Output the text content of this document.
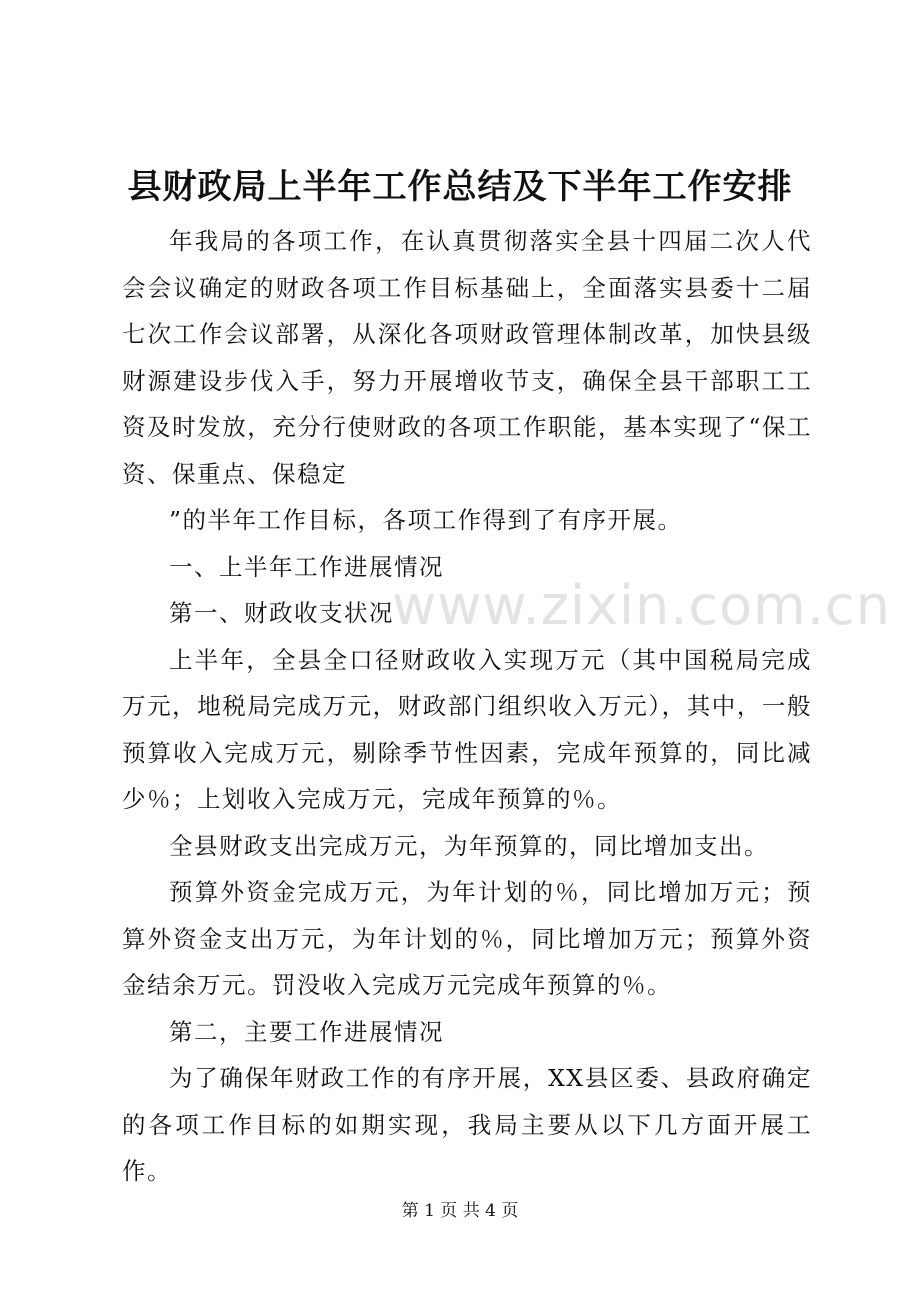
www.zixin.com.cn
县财政局上半年工作总结及下半年工作安排

年我局的各项工作，在认真贯彻落实全县十四届二次人代会会议确定的财政各项工作目标基础上，全面落实县委十二届七次工作会议部署，从深化各项财政管理体制改革，加快县级财源建设步伐入手，努力开展增收节支，确保全县干部职工工资及时发放，充分行使财政的各项工作职能，基本实现了“保工资、保重点、保稳定

”的半年工作目标，各项工作得到了有序开展。

一、上半年工作进展情况

第一、财政收支状况

上半年，全县全口径财政收入实现万元（其中国税局完成万元，地税局完成万元，财政部门组织收入万元），其中，一般预算收入完成万元，剔除季节性因素，完成年预算的，同比减少％；上划收入完成万元，完成年预算的％。

全县财政支出完成万元，为年预算的，同比增加支出。

预算外资金完成万元，为年计划的％，同比增加万元；预算外资金支出万元，为年计划的％，同比增加万元；预算外资金结余万元。罚没收入完成万元完成年预算的％。

第二，主要工作进展情况

为了确保年财政工作的有序开展，XX县区委、县政府确定的各项工作目标的如期实现，我局主要从以下几方面开展工作。

第 1 页 共 4 页
